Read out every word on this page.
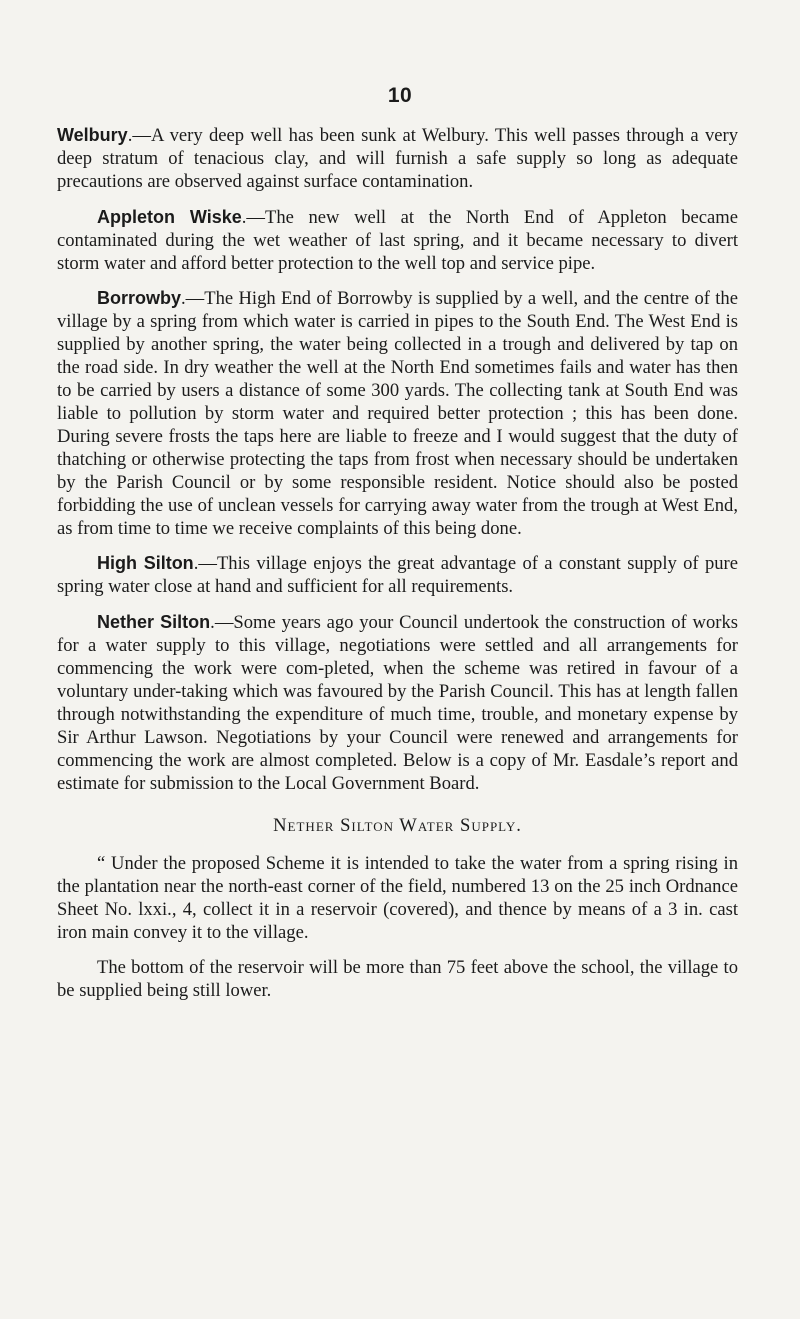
10

Welbury.—A very deep well has been sunk at Welbury. This well passes through a very deep stratum of tenacious clay, and will furnish a safe supply so long as adequate precautions are observed against surface contamination.

Appleton Wiske.—The new well at the North End of Appleton became contaminated during the wet weather of last spring, and it became necessary to divert storm water and afford better protection to the well top and service pipe.

Borrowby.—The High End of Borrowby is supplied by a well, and the centre of the village by a spring from which water is carried in pipes to the South End. The West End is supplied by another spring, the water being collected in a trough and delivered by tap on the road side. In dry weather the well at the North End sometimes fails and water has then to be carried by users a distance of some 300 yards. The collecting tank at South End was liable to pollution by storm water and required better protection ; this has been done. During severe frosts the taps here are liable to freeze and I would suggest that the duty of thatching or otherwise protecting the taps from frost when necessary should be undertaken by the Parish Council or by some responsible resident. Notice should also be posted forbidding the use of unclean vessels for carrying away water from the trough at West End, as from time to time we receive complaints of this being done.

High Silton.—This village enjoys the great advantage of a constant supply of pure spring water close at hand and sufficient for all requirements.

Nether Silton.—Some years ago your Council undertook the construction of works for a water supply to this village, negotiations were settled and all arrangements for commencing the work were com-pleted, when the scheme was retired in favour of a voluntary under-taking which was favoured by the Parish Council. This has at length fallen through notwithstanding the expenditure of much time, trouble, and monetary expense by Sir Arthur Lawson. Negotiations by your Council were renewed and arrangements for commencing the work are almost completed. Below is a copy of Mr. Easdale’s report and estimate for submission to the Local Government Board.

Nether Silton Water Supply.

“ Under the proposed Scheme it is intended to take the water from a spring rising in the plantation near the north-east corner of the field, numbered 13 on the 25 inch Ordnance Sheet No. lxxi., 4, collect it in a reservoir (covered), and thence by means of a 3 in. cast iron main convey it to the village.

The bottom of the reservoir will be more than 75 feet above the school, the village to be supplied being still lower.
